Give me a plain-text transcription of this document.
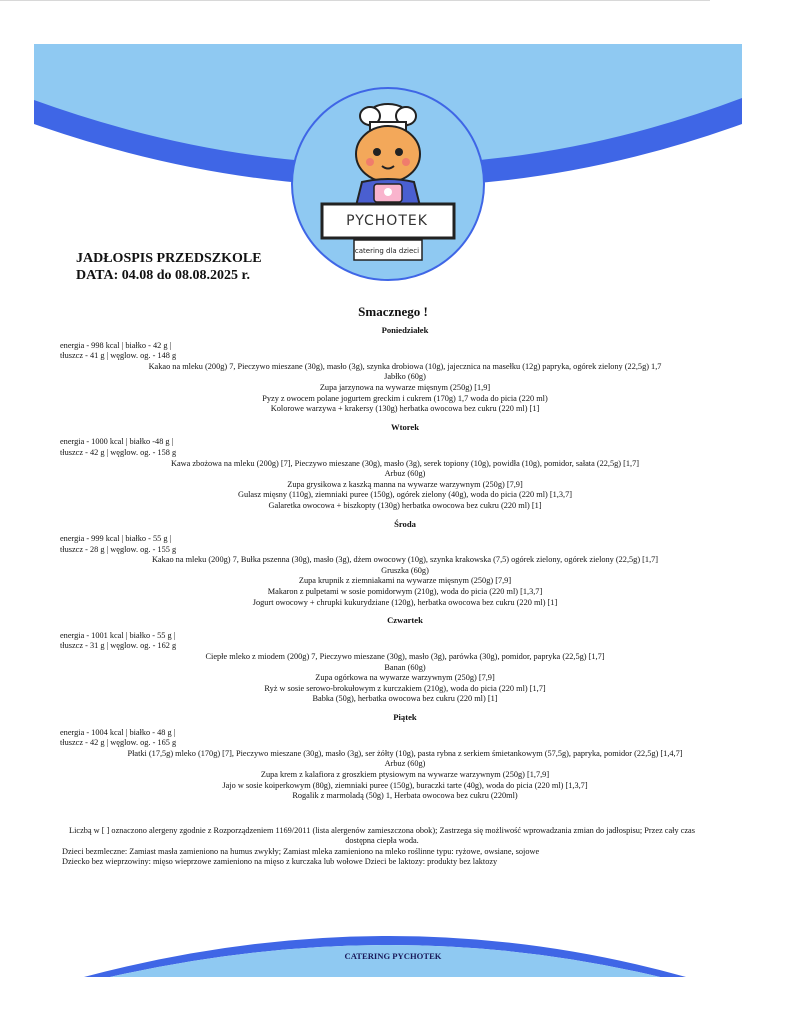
PYCHOTEK
catering dla dzieci
JADŁOSPIS PRZEDSZKOLE
DATA: 04.08 do 08.08.2025 r.
Smacznego !
Poniedziałek
energia - 998 kcal | białko - 42 g |
tłuszcz - 41 g | węglow. og. - 148 g
Kakao na mleku (200g) 7, Pieczywo mieszane (30g), masło (3g), szynka drobiowa (10g), jajecznica na masełku (12g) papryka, ogórek zielony (22,5g) 1,7
Jabłko (60g)
Zupa jarzynowa na wywarze mięsnym (250g) [1,9]
Pyzy z owocem polane jogurtem greckim i cukrem (170g) 1,7 woda do picia (220 ml)
Kolorowe warzywa + krakersy (130g) herbatka owocowa bez cukru (220 ml) [1]
Wtorek
energia - 1000 kcal | białko -48 g |
tłuszcz - 42 g | węglow. og. - 158 g
Kawa zbożowa na mleku (200g) [7], Pieczywo mieszane (30g), masło (3g), serek topiony (10g), powidła (10g), pomidor, sałata (22,5g) [1,7]
Arbuz (60g)
Zupa grysikowa z kaszką manna na wywarze warzywnym (250g) [7,9]
Gulasz mięsny (110g), ziemniaki puree (150g), ogórek zielony (40g), woda do picia (220 ml) [1,3,7]
Galaretka owocowa + biszkopty (130g) herbatka owocowa bez cukru (220 ml) [1]
Środa
energia - 999 kcal | białko - 55 g |
tłuszcz - 28 g | węglow. og. - 155 g
Kakao na mleku (200g) 7, Bułka pszenna (30g), masło (3g), dżem owocowy (10g), szynka krakowska (7,5) ogórek zielony, ogórek zielony (22,5g) [1,7]
Gruszka (60g)
Zupa krupnik z ziemniakami na wywarze mięsnym (250g) [7,9]
Makaron z pulpetami w sosie pomidorwym (210g), woda do picia (220 ml) [1,3,7]
Jogurt owocowy + chrupki kukurydziane (120g), herbatka owocowa bez cukru (220 ml) [1]
Czwartek
energia - 1001 kcal | białko - 55 g |
tłuszcz - 31 g | węglow. og. - 162 g
Ciepłe mleko z miodem (200g) 7, Pieczywo mieszane (30g), masło (3g), parówka (30g), pomidor, papryka (22,5g) [1,7]
Banan (60g)
Zupa ogórkowa na wywarze warzywnym (250g) [7,9]
Ryż w sosie serowo-brokułowym z kurczakiem (210g), woda do picia (220 ml) [1,7]
Babka (50g), herbatka owocowa bez cukru (220 ml) [1]
Piątek
energia - 1004 kcal | białko - 48 g |
tłuszcz - 42 g | węglow. og. - 165 g
Płatki (17,5g) mleko (170g) [7], Pieczywo mieszane (30g), masło (3g), ser żółty (10g), pasta rybna z serkiem śmietankowym (57,5g), papryka, pomidor (22,5g) [1,4,7]
Arbuz (60g)
Zupa krem z kalafiora z groszkiem ptysiowym na wywarze warzywnym (250g) [1,7,9]
Jajo w sosie koiperkowym (80g), ziemniaki puree (150g), buraczki tarte (40g), woda do picia (220 ml) [1,3,7]
Rogalik z marmoladą (50g) 1, Herbata owocowa bez cukru (220ml)
Liczbą w [ ] oznaczono alergeny zgodnie z Rozporządzeniem 1169/2011 (lista alergenów zamieszczona obok); Zastrzega się możliwość wprowadzania zmian do jadłospisu; Przez cały czas dostępna ciepła woda.
Dzieci bezmleczne: Zamiast masła zamieniono na humus zwykły; Zamiast mleka zamieniono na mleko roślinne typu: ryżowe, owsiane, sojowe
Dziecko bez wieprzowiny: mięso wieprzowe zamieniono na mięso z kurczaka lub wołowe Dzieci be laktozy: produkty bez laktozy
CATERING PYCHOTEK
